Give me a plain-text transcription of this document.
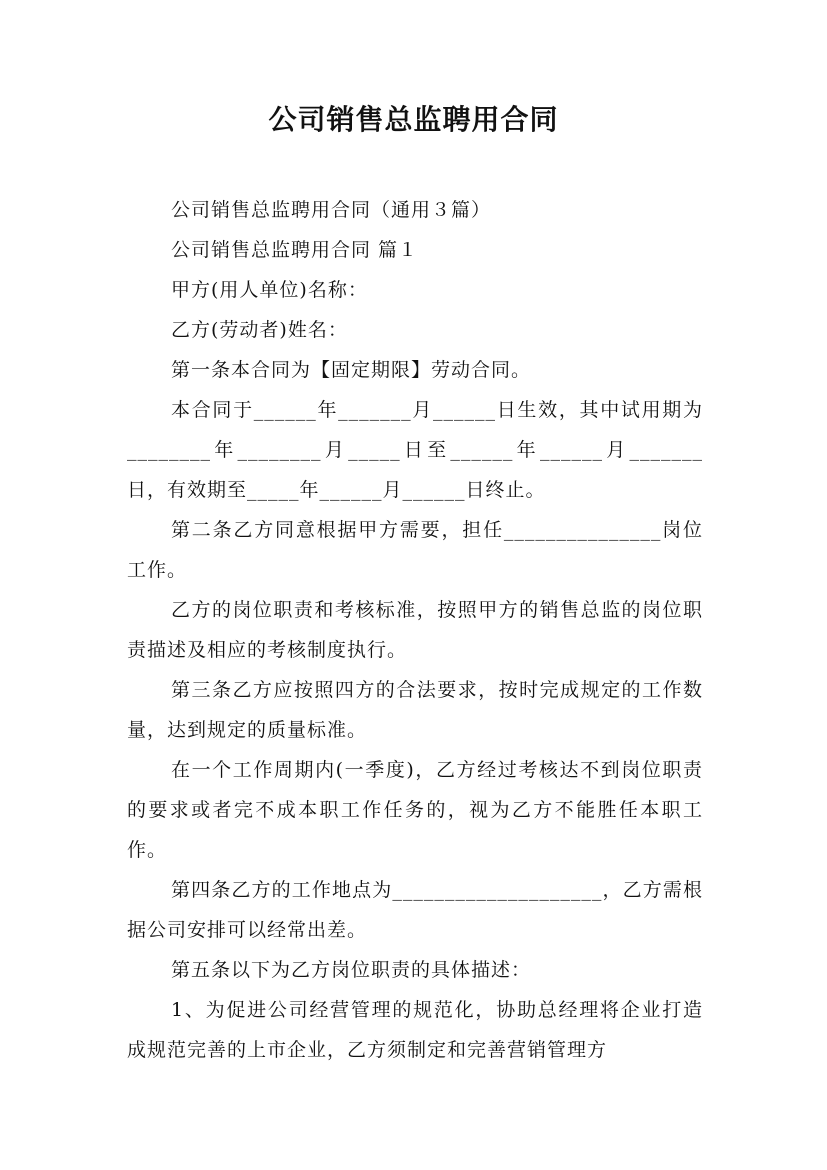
公司销售总监聘用合同

公司销售总监聘用合同（通用３篇）

公司销售总监聘用合同 篇１

甲方(用人单位)名称：

乙方(劳动者)姓名：

第一条本合同为【固定期限】劳动合同。

本合同于______年_______月______日生效，其中试用期为________年________月_____日至______年______月_______日，有效期至_____年______月______日终止。

第二条乙方同意根据甲方需要，担任_______________岗位工作。

乙方的岗位职责和考核标准，按照甲方的销售总监的岗位职责描述及相应的考核制度执行。

第三条乙方应按照四方的合法要求，按时完成规定的工作数量，达到规定的质量标准。

在一个工作周期内(一季度)，乙方经过考核达不到岗位职责的要求或者完不成本职工作任务的，视为乙方不能胜任本职工作。

第四条乙方的工作地点为____________________，乙方需根据公司安排可以经常出差。

第五条以下为乙方岗位职责的具体描述：

1、为促进公司经营管理的规范化，协助总经理将企业打造成规范完善的上市企业，乙方须制定和完善营销管理方
